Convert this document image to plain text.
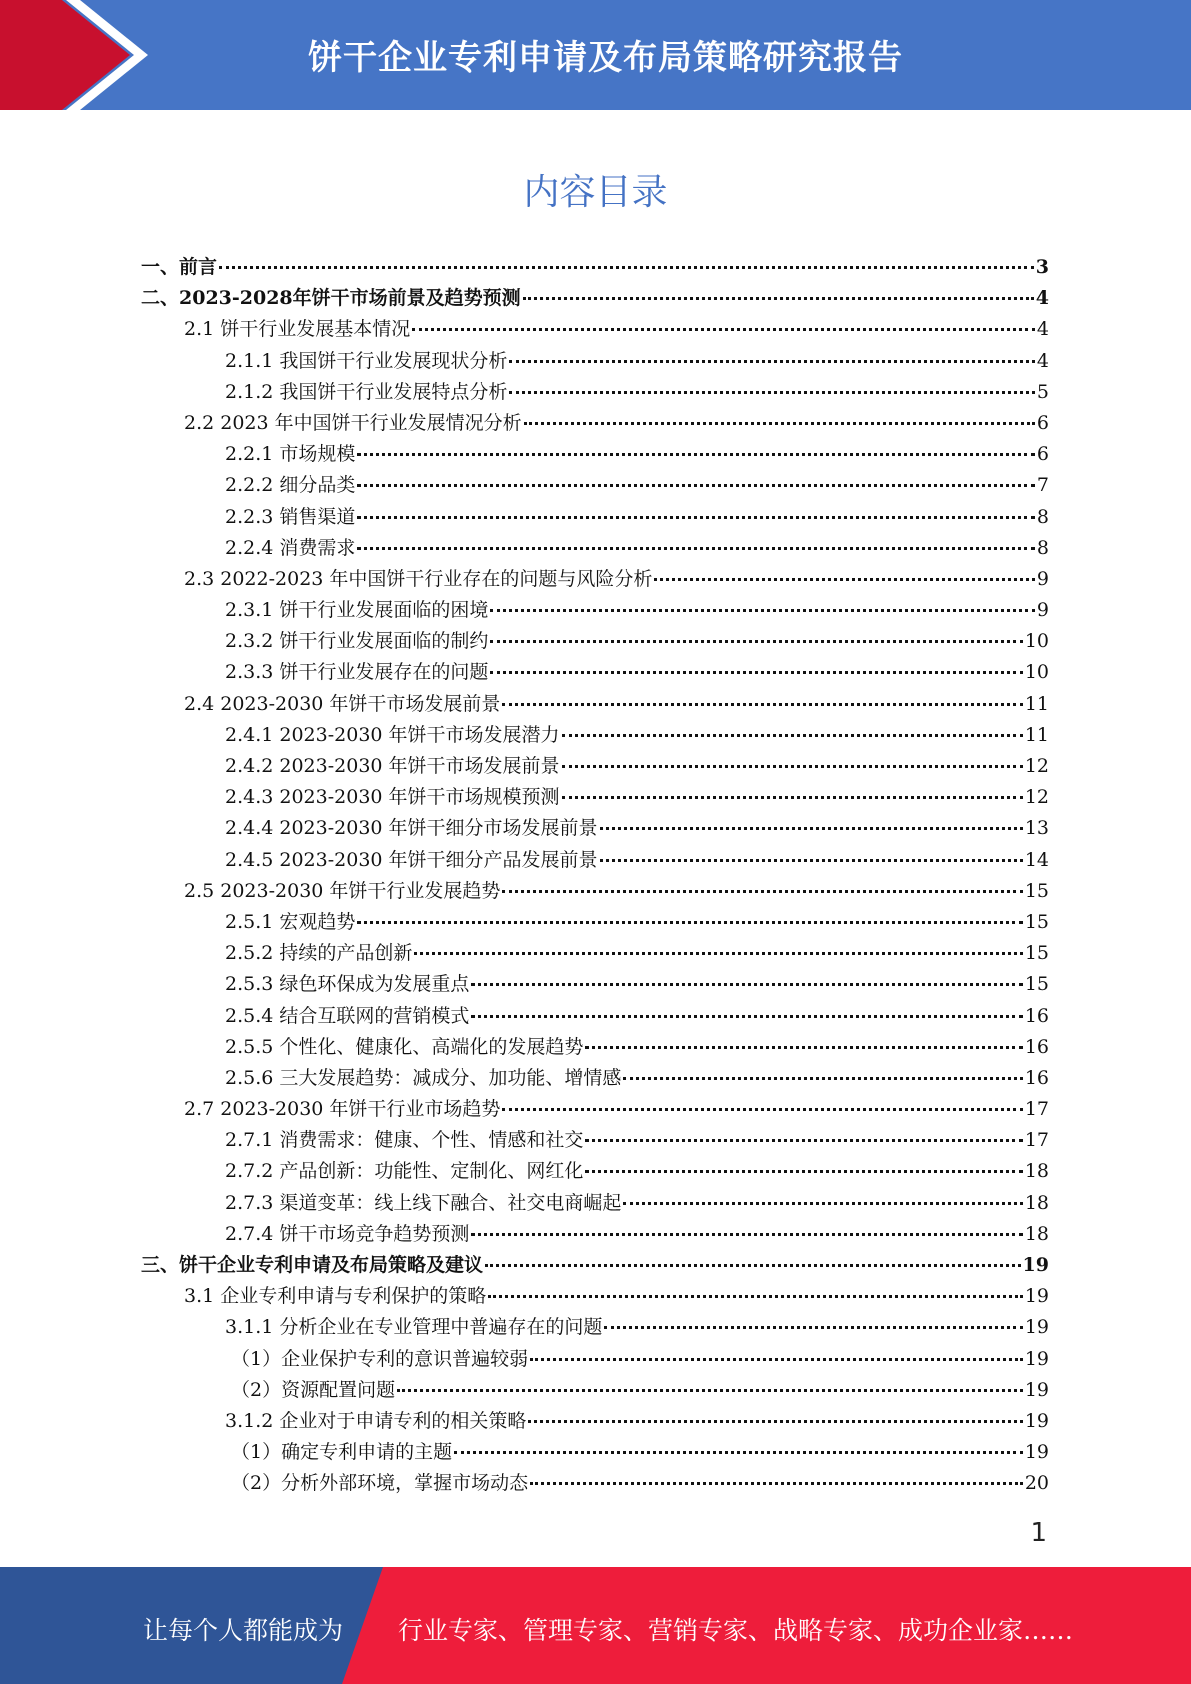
饼干企业专利申请及布局策略研究报告
内容目录
一、前言	3
二、2023-2028年饼干市场前景及趋势预测	4
2.1 饼干行业发展基本情况	4
2.1.1 我国饼干行业发展现状分析	4
2.1.2 我国饼干行业发展特点分析	5
2.2 2023 年中国饼干行业发展情况分析	6
2.2.1 市场规模	6
2.2.2 细分品类	7
2.2.3 销售渠道	8
2.2.4 消费需求	8
2.3 2022-2023 年中国饼干行业存在的问题与风险分析	9
2.3.1 饼干行业发展面临的困境	9
2.3.2 饼干行业发展面临的制约	10
2.3.3 饼干行业发展存在的问题	10
2.4 2023-2030 年饼干市场发展前景	11
2.4.1 2023-2030 年饼干市场发展潜力	11
2.4.2 2023-2030 年饼干市场发展前景	12
2.4.3 2023-2030 年饼干市场规模预测	12
2.4.4 2023-2030 年饼干细分市场发展前景	13
2.4.5 2023-2030 年饼干细分产品发展前景	14
2.5 2023-2030 年饼干行业发展趋势	15
2.5.1 宏观趋势	15
2.5.2 持续的产品创新	15
2.5.3 绿色环保成为发展重点	15
2.5.4 结合互联网的营销模式	16
2.5.5 个性化、健康化、高端化的发展趋势	16
2.5.6 三大发展趋势：减成分、加功能、增情感	16
2.7 2023-2030 年饼干行业市场趋势	17
2.7.1 消费需求：健康、个性、情感和社交	17
2.7.2 产品创新：功能性、定制化、网红化	18
2.7.3 渠道变革：线上线下融合、社交电商崛起	18
2.7.4 饼干市场竞争趋势预测	18
三、饼干企业专利申请及布局策略及建议	19
3.1 企业专利申请与专利保护的策略	19
3.1.1 分析企业在专业管理中普遍存在的问题	19
（1）企业保护专利的意识普遍较弱	19
（2）资源配置问题	19
3.1.2 企业对于申请专利的相关策略	19
（1）确定专利申请的主题	19
（2）分析外部环境，掌握市场动态	20
1
让每个人都能成为 行业专家、管理专家、营销专家、战略专家、成功企业家……
